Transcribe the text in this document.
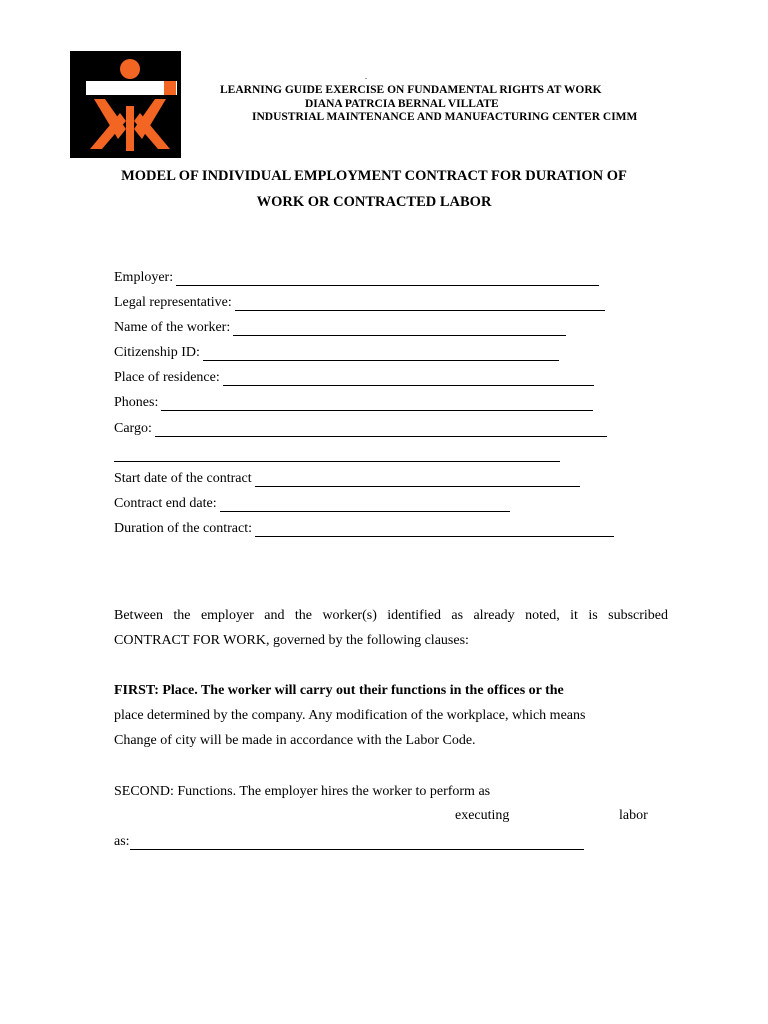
SENA
.
LEARNING GUIDE EXERCISE ON FUNDAMENTAL RIGHTS AT WORK
DIANA PATRCIA BERNAL VILLATE
INDUSTRIAL MAINTENANCE AND MANUFACTURING CENTER CIMM
MODEL OF INDIVIDUAL EMPLOYMENT CONTRACT FOR DURATION OF
WORK OR CONTRACTED LABOR
Employer:
Legal representative:
Name of the worker:
Citizenship ID:
Place of residence:
Phones:
Cargo:
Start date of the contract
Contract end date:
Duration of the contract:
Between the employer and the worker(s) identified as already noted, it is subscribed
CONTRACT FOR WORK, governed by the following clauses:
FIRST: Place. The worker will carry out their functions in the offices or the
place determined by the company. Any modification of the workplace, which means
Change of city will be made in accordance with the Labor Code.
SECOND: Functions. The employer hires the worker to perform as
executing	labor
as:
